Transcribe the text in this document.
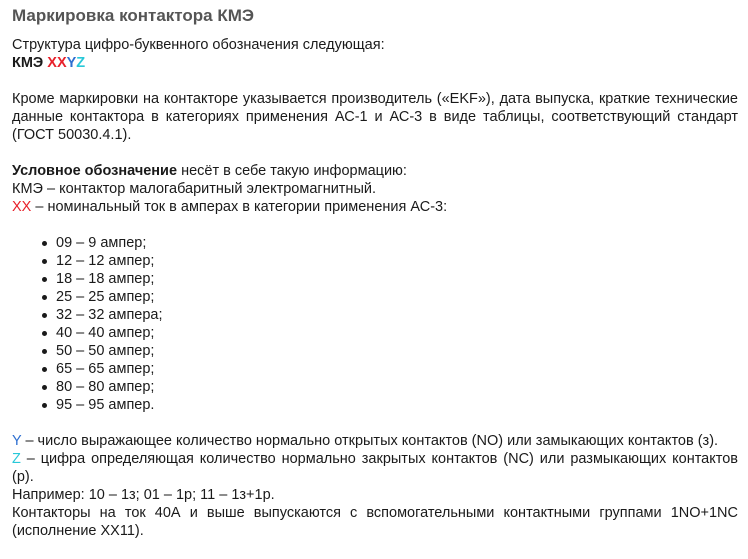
Маркировка контактора КМЭ

Структура цифро-буквенного обозначения следующая:

КМЭ XXYZ

Кроме маркировки на контакторе указывается производитель («EKF»), дата выпуска, краткие технические данные контактора в категориях применения АС-1 и АС-3 в виде таблицы, соответствующий стандарт (ГОСТ 50030.4.1).

Условное обозначение несёт в себе такую информацию:

КМЭ – контактор малогабаритный электромагнитный.

XX – номинальный ток в амперах в категории применения АС-3:

09 – 9 ампер;
12 – 12 ампер;
18 – 18 ампер;
25 – 25 ампер;
32 – 32 ампера;
40 – 40 ампер;
50 – 50 ампер;
65 – 65 ампер;
80 – 80 ампер;
95 – 95 ампер.

Y – число выражающее количество нормально открытых контактов (NO) или замыкающих контактов (з).

Z – цифра определяющая количество нормально закрытых контактов (NC) или размыкающих контактов (р).

Например: 10 – 1з; 01 – 1р; 11 – 1з+1р.

Контакторы на ток 40А и выше выпускаются с вспомогательными контактными группами 1NO+1NC (исполнение ХХ11).
